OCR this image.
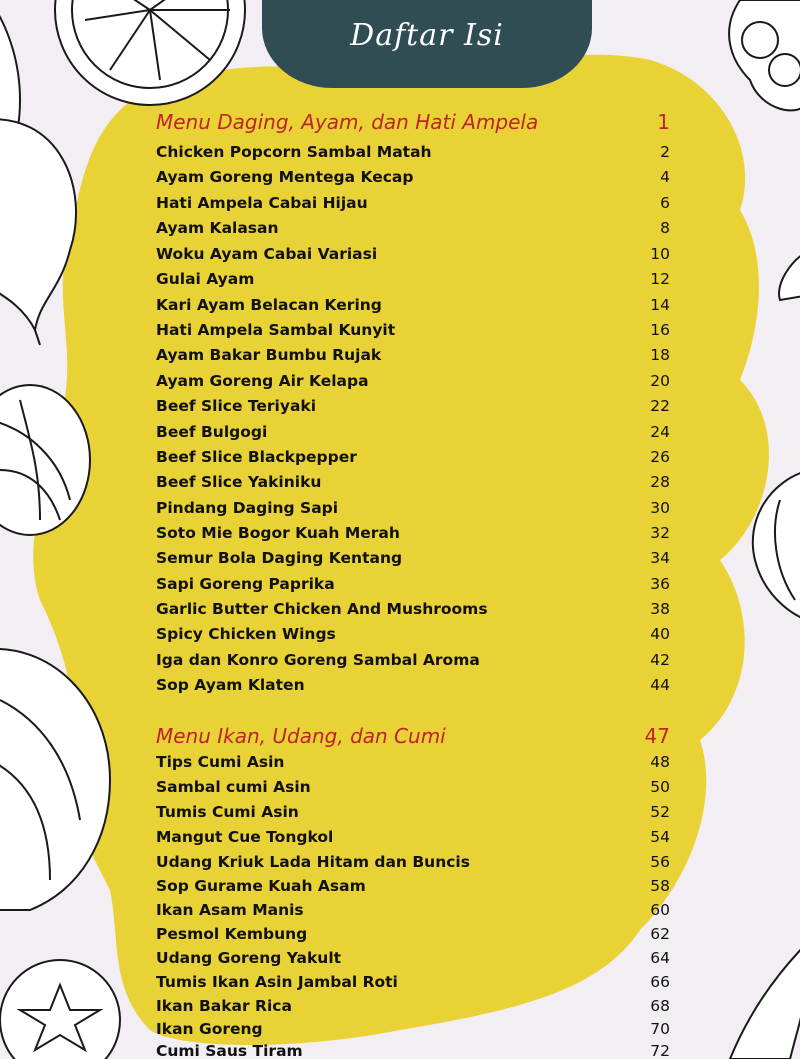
Daftar Isi
Menu Daging, Ayam, dan Hati Ampela	1
Chicken Popcorn Sambal Matah	2
Ayam Goreng Mentega Kecap	4
Hati Ampela Cabai Hijau	6
Ayam Kalasan	8
Woku Ayam Cabai Variasi	10
Gulai Ayam	12
Kari Ayam Belacan Kering	14
Hati Ampela Sambal Kunyit	16
Ayam Bakar Bumbu Rujak	18
Ayam Goreng Air Kelapa	20
Beef Slice Teriyaki	22
Beef Bulgogi	24
Beef Slice Blackpepper	26
Beef Slice Yakiniku	28
Pindang Daging Sapi	30
Soto Mie Bogor Kuah Merah	32
Semur Bola Daging Kentang	34
Sapi Goreng Paprika	36
Garlic Butter Chicken And Mushrooms	38
Spicy Chicken Wings	40
Iga dan Konro Goreng Sambal Aroma	42
Sop Ayam Klaten	44
Menu Ikan, Udang, dan Cumi	47
Tips Cumi Asin	48
Sambal cumi Asin	50
Tumis Cumi Asin	52
Mangut Cue Tongkol	54
Udang Kriuk Lada Hitam dan Buncis	56
Sop Gurame Kuah Asam	58
Ikan Asam Manis	60
Pesmol Kembung	62
Udang Goreng Yakult	64
Tumis Ikan Asin Jambal Roti	66
Ikan Bakar Rica	68
Ikan Goreng	70
Cumi Saus Tiram	72
